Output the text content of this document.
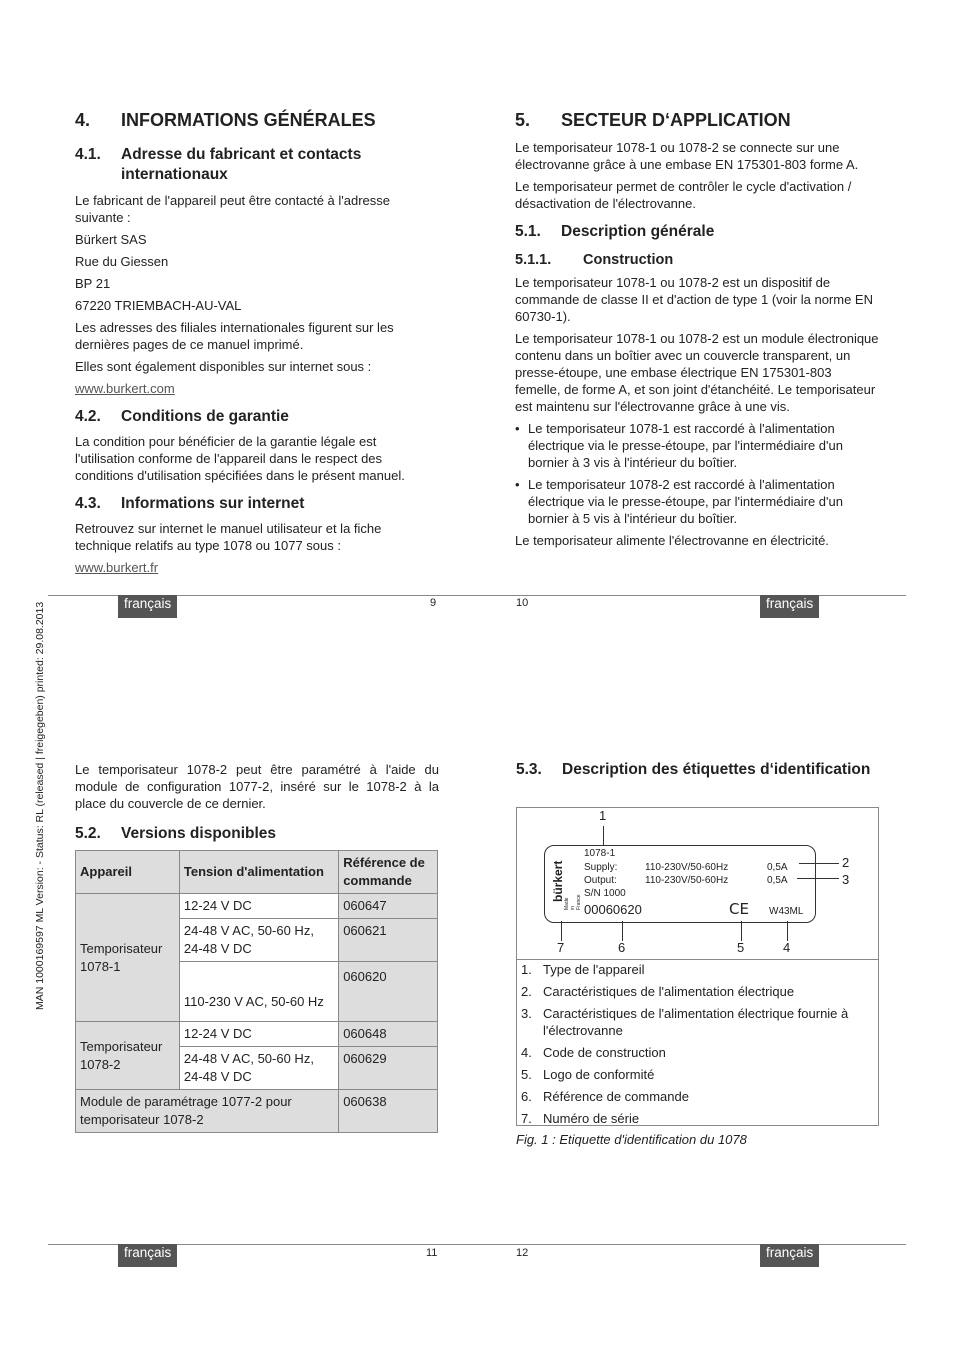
MAN 1000169597 ML Version: - Status: RL (released | freigegeben) printed: 29.08.2013
4.	INFORMATIONS GÉNÉRALES
4.1.	Adresse du fabricant et contacts internationaux

Le fabricant de l'appareil peut être contacté à l'adresse suivante :

Bürkert SAS

Rue du Giessen

BP 21

67220 TRIEMBACH-AU-VAL

Les adresses des filiales internationales figurent sur les dernières pages de ce manuel imprimé.

Elles sont également disponibles sur internet sous :

www.burkert.com

4.2.	Conditions de garantie

La condition pour bénéficier de la garantie légale est l'utilisation conforme de l'appareil dans le respect des conditions d'utilisation spécifiées dans le présent manuel.

4.3.	Informations sur internet

Retrouvez sur internet le manuel utilisateur et la fiche technique relatifs au type 1078 ou 1077 sous :

www.burkert.fr

5.	SECTEUR D‘APPLICATION

Le temporisateur 1078-1 ou 1078-2 se connecte sur une électrovanne grâce à une embase EN 175301-803 forme A.

Le temporisateur permet de contrôler le cycle d'activation / désactivation de l'électrovanne.

5.1.	Description générale
5.1.1.	Construction

Le temporisateur 1078-1 ou 1078-2 est un dispositif de commande de classe II et d'action de type 1 (voir la norme EN 60730-1).

Le temporisateur 1078-1 ou 1078-2 est un module électronique contenu dans un boîtier avec un couvercle transparent, un presse-étoupe, une embase électrique EN 175301-803 femelle, de forme A, et son joint d'étanchéité. Le temporisateur est maintenu sur l'électrovanne grâce à une vis.

• Le temporisateur 1078-1 est raccordé à l'alimentation électrique via le presse-étoupe, par l'intermédiaire d'un bornier à 3 vis à l'intérieur du boîtier.
• Le temporisateur 1078-2 est raccordé à l'alimentation électrique via le presse-étoupe, par l'intermédiaire d'un bornier à 5 vis à l'intérieur du boîtier.

Le temporisateur alimente l'électrovanne en électricité.

français	9	10	français

Le temporisateur 1078-2 peut être paramétré à l'aide du module de configuration 1077-2, inséré sur le 1078-2 à la place du couvercle de ce dernier.

5.2.	Versions disponibles
Appareil	Tension d'alimentation	Référence de commande
Temporisateur 1078-1	12-24 V DC	060647
	24-48 V AC, 50-60 Hz, 24-48 V DC	060621
	110-230 V AC, 50-60 Hz	060620
Temporisateur 1078-2	12-24 V DC	060648
	24-48 V AC, 50-60 Hz, 24-48 V DC	060629
Module de paramétrage 1077-2 pour temporisateur 1078-2		060638
5.3.	Description des étiquettes d‘identification
1
2
3
bürkert
Made in France
1078-1
Supply:	110-230V/50-60Hz	0,5A
Output:	110-230V/50-60Hz	0,5A
S/N 1000
00060620	CE W43ML
7	6	5	4
1. Type de l'appareil
2. Caractéristiques de l'alimentation électrique
3. Caractéristiques de l'alimentation électrique fournie à l'électrovanne
4. Code de construction
5. Logo de conformité
6. Référence de commande
7. Numéro de série
Fig. 1 : Etiquette d'identification du 1078
français	11	12	français
